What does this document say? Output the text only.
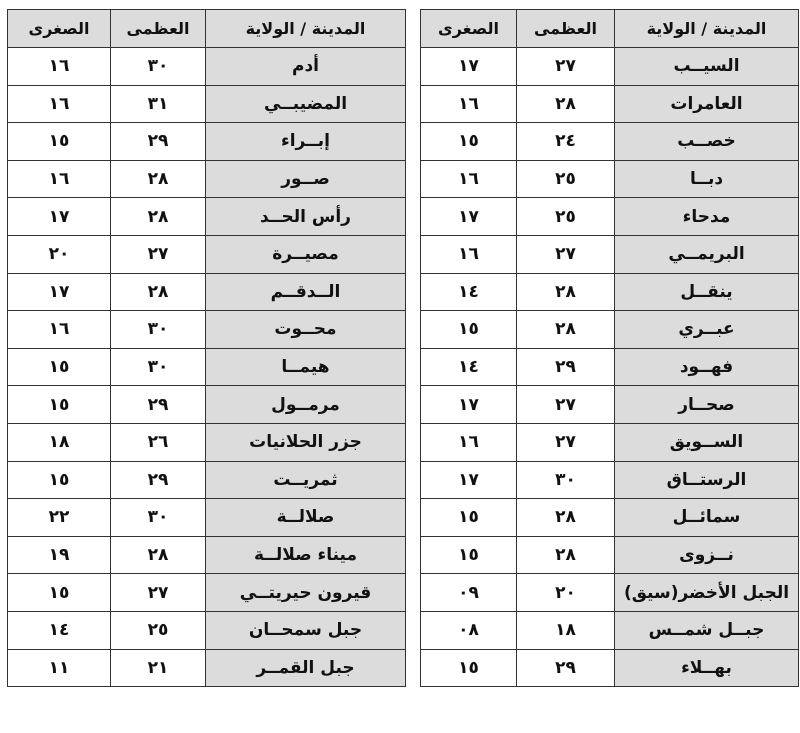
المدينة / الولاية	العظمى	الصغرى
السيــب	٢٧	١٧
العامرات	٢٨	١٦
خصــب	٢٤	١٥
دبــا	٢٥	١٦
مدحاء	٢٥	١٧
البريمــي	٢٧	١٦
ينقــل	٢٨	١٤
عبــري	٢٨	١٥
فهــود	٢٩	١٤
صحــار	٢٧	١٧
الســويق	٢٧	١٦
الرستــاق	٣٠	١٧
سمائــل	٢٨	١٥
نــزوى	٢٨	١٥
الجبل الأخضر(سيق)	٢٠	٠٩
جبــل شمــس	١٨	٠٨
بهــلاء	٢٩	١٥
المدينة / الولاية	العظمى	الصغرى
أدم	٣٠	١٦
المضيبــي	٣١	١٦
إبــراء	٢٩	١٥
صــور	٢٨	١٦
رأس الحــد	٢٨	١٧
مصيــرة	٢٧	٢٠
الــدقــم	٢٨	١٧
محــوت	٣٠	١٦
هيمــا	٣٠	١٥
مرمــول	٢٩	١٥
جزر الحلانيات	٢٦	١٨
ثمريــت	٢٩	١٥
صلالــة	٣٠	٢٢
ميناء صلالــة	٢٨	١٩
قيرون حيريتــي	٢٧	١٥
جبل سمحــان	٢٥	١٤
جبل القمــر	٢١	١١
